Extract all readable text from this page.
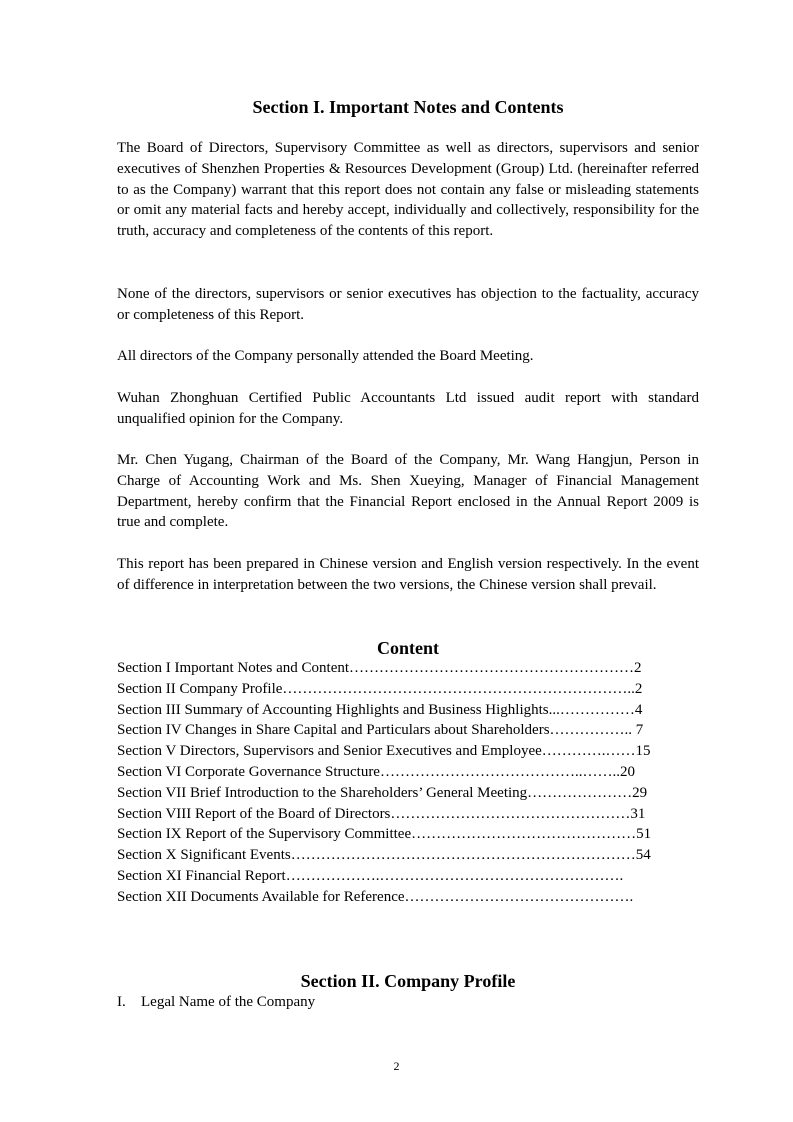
Section I. Important Notes and Contents
The Board of Directors, Supervisory Committee as well as directors, supervisors and senior executives of Shenzhen Properties & Resources Development (Group) Ltd. (hereinafter referred to as the Company) warrant that this report does not contain any false or misleading statements or omit any material facts and hereby accept, individually and collectively, responsibility for the truth, accuracy and completeness of the contents of this report.
None of the directors, supervisors or senior executives has objection to the factuality, accuracy or completeness of this Report.
All directors of the Company personally attended the Board Meeting.
Wuhan Zhonghuan Certified Public Accountants Ltd issued audit report with standard unqualified opinion for the Company.
Mr. Chen Yugang, Chairman of the Board of the Company, Mr. Wang Hangjun, Person in Charge of Accounting Work and Ms. Shen Xueying, Manager of Financial Management Department, hereby confirm that the Financial Report enclosed in the Annual Report 2009 is true and complete.
This report has been prepared in Chinese version and English version respectively. In the event of difference in interpretation between the two versions, the Chinese version shall prevail.
Content
Section I Important Notes and Content…………………………………………………2
Section II Company Profile……………………………………………………………..2
Section III Summary of Accounting Highlights and Business Highlights...……………4
Section IV Changes in Share Capital and Particulars about Shareholders…………….. 7
Section V Directors, Supervisors and Senior Executives and Employee………….……15
Section VI Corporate Governance Structure…………………………………..……..20
Section VII Brief Introduction to the Shareholders’ General Meeting…………………29
Section VIII Report of the Board of Directors…………………………………………31
Section IX Report of the Supervisory Committee………………………………………51
Section X Significant Events……………………………………………………………54
Section XI Financial Report……………….………………………………………….
Section XII Documents Available for Reference……………………………………….
Section II. Company Profile
I. Legal Name of the Company
2
